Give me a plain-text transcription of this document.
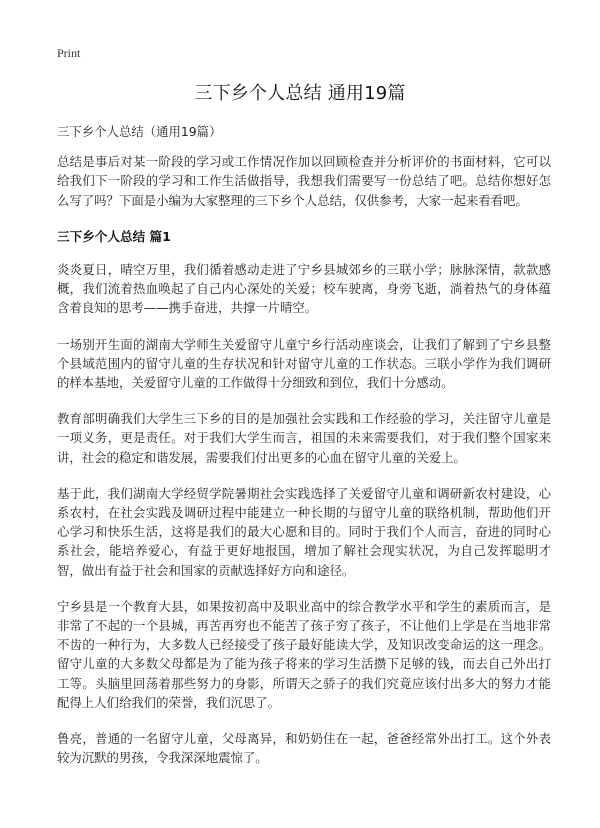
Print
三下乡个人总结 通用19篇

三下乡个人总结（通用19篇）

总结是事后对某一阶段的学习或工作情况作加以回顾检查并分析评价的书面材料，它可以给我们下一阶段的学习和工作生活做指导，我想我们需要写一份总结了吧。总结你想好怎么写了吗？下面是小编为大家整理的三下乡个人总结，仅供参考，大家一起来看看吧。

三下乡个人总结 篇1

炎炎夏日，晴空万里，我们循着感动走进了宁乡县城郊乡的三联小学；脉脉深情，款款感概，我们流着热血唤起了自己内心深处的关爱；校车驶离，身旁飞逝，淌着热气的身体蕴含着良知的思考——携手奋进，共撑一片晴空。

一场别开生面的湖南大学师生关爱留守儿童宁乡行活动座谈会，让我们了解到了宁乡县整个县域范围内的留守儿童的生存状况和针对留守儿童的工作状态。三联小学作为我们调研的样本基地，关爱留守儿童的工作做得十分细致和到位，我们十分感动。

教育部明确我们大学生三下乡的目的是加强社会实践和工作经验的学习，关注留守儿童是一项义务，更是责任。对于我们大学生而言，祖国的未来需要我们，对于我们整个国家来讲，社会的稳定和谐发展，需要我们付出更多的心血在留守儿童的关爱上。

基于此，我们湖南大学经贸学院暑期社会实践选择了关爱留守儿童和调研新农村建设，心系农村，在社会实践及调研过程中能建立一种长期的与留守儿童的联络机制，帮助他们开心学习和快乐生活，这将是我们的最大心愿和目的。同时于我们个人而言，奋进的同时心系社会，能培养爱心，有益于更好地报国，增加了解社会现实状况，为自己发挥聪明才智，做出有益于社会和国家的贡献选择好方向和途径。

宁乡县是一个教育大县，如果按初高中及职业高中的综合教学水平和学生的素质而言，是非常了不起的一个县城，再苦再穷也不能苦了孩子穷了孩子，不让他们上学是在当地非常不齿的一种行为，大多数人已经接受了孩子最好能读大学，及知识改变命运的这一理念。留守儿童的大多数父母都是为了能为孩子将来的学习生活攒下足够的钱，而去自己外出打工等。头脑里回荡着那些努力的身影，所谓天之骄子的我们究竟应该付出多大的努力才能配得上人们给我们的荣誉，我们沉思了。

鲁亮，普通的一名留守儿童，父母离异，和奶奶住在一起，爸爸经常外出打工。这个外表较为沉默的男孩，令我深深地震惊了。
